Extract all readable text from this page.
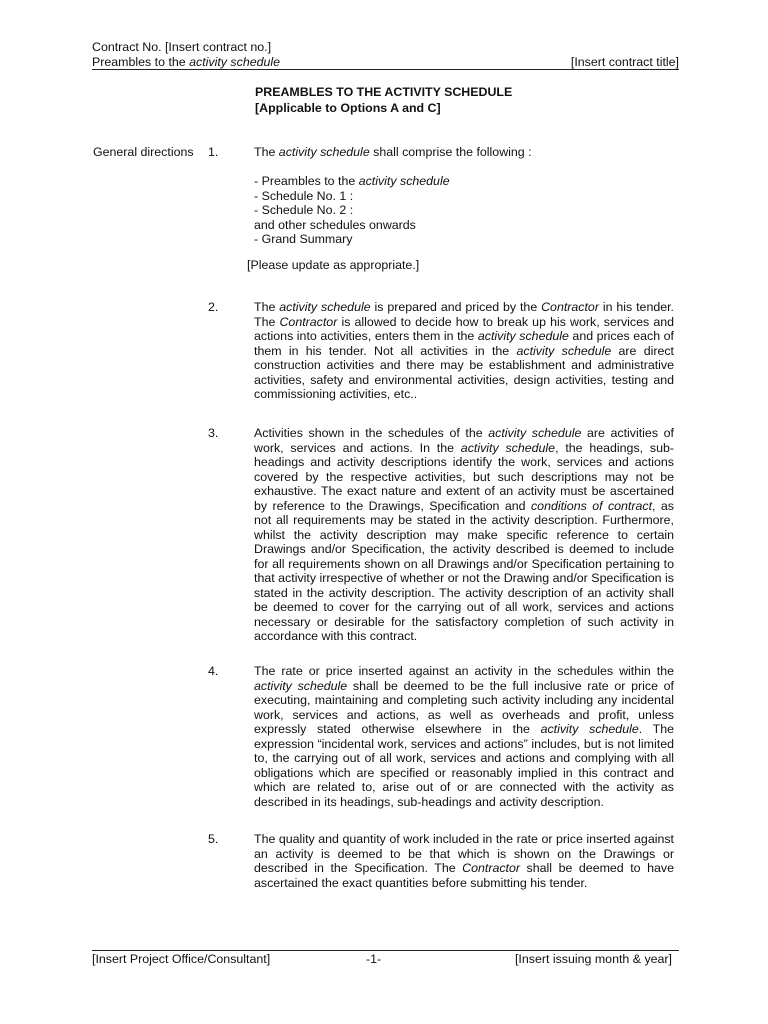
Contract No. [Insert contract no.]
Preambles to the activity schedule	[Insert contract title]
PREAMBLES TO THE ACTIVITY SCHEDULE
[Applicable to Options A and C]
General directions 1.	The activity schedule shall comprise the following :
- Preambles to the activity schedule
- Schedule No. 1 :
- Schedule No. 2 :
and other schedules onwards
- Grand Summary
[Please update as appropriate.]
2.	The activity schedule is prepared and priced by the Contractor in his tender. The Contractor is allowed to decide how to break up his work, services and actions into activities, enters them in the activity schedule and prices each of them in his tender. Not all activities in the activity schedule are direct construction activities and there may be establishment and administrative activities, safety and environmental activities, design activities, testing and commissioning activities, etc..
3.	Activities shown in the schedules of the activity schedule are activities of work, services and actions. In the activity schedule, the headings, sub-headings and activity descriptions identify the work, services and actions covered by the respective activities, but such descriptions may not be exhaustive. The exact nature and extent of an activity must be ascertained by reference to the Drawings, Specification and conditions of contract, as not all requirements may be stated in the activity description. Furthermore, whilst the activity description may make specific reference to certain Drawings and/or Specification, the activity described is deemed to include for all requirements shown on all Drawings and/or Specification pertaining to that activity irrespective of whether or not the Drawing and/or Specification is stated in the activity description. The activity description of an activity shall be deemed to cover for the carrying out of all work, services and actions necessary or desirable for the satisfactory completion of such activity in accordance with this contract.
4.	The rate or price inserted against an activity in the schedules within the activity schedule shall be deemed to be the full inclusive rate or price of executing, maintaining and completing such activity including any incidental work, services and actions, as well as overheads and profit, unless expressly stated otherwise elsewhere in the activity schedule. The expression “incidental work, services and actions” includes, but is not limited to, the carrying out of all work, services and actions and complying with all obligations which are specified or reasonably implied in this contract and which are related to, arise out of or are connected with the activity as described in its headings, sub-headings and activity description.
5.	The quality and quantity of work included in the rate or price inserted against an activity is deemed to be that which is shown on the Drawings or described in the Specification. The Contractor shall be deemed to have ascertained the exact quantities before submitting his tender.
[Insert Project Office/Consultant]	-1-	[Insert issuing month & year]
